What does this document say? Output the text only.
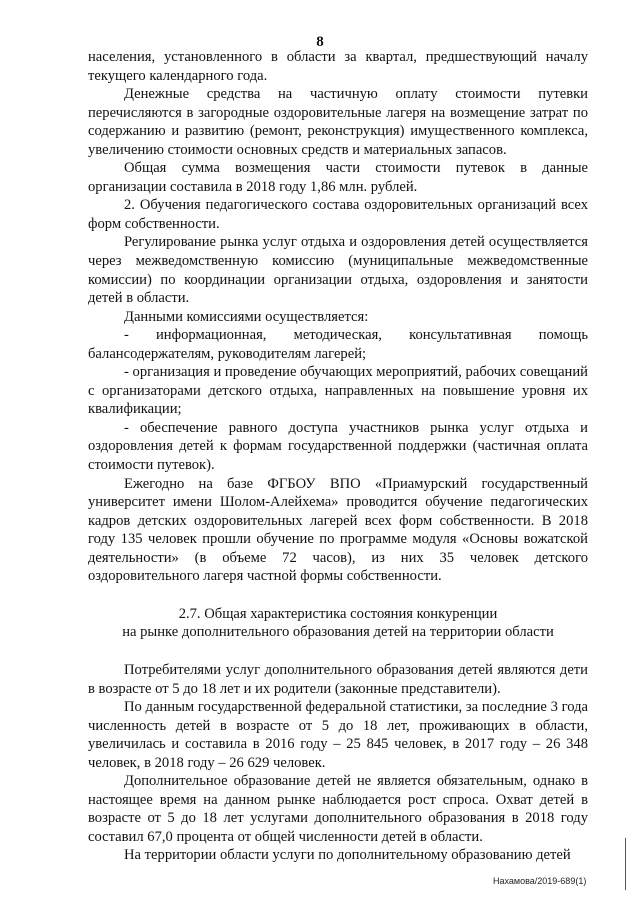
8

населения, установленного в области за квартал, предшествующий началу текущего календарного года.

Денежные средства на частичную оплату стоимости путевки перечисляются в загородные оздоровительные лагеря на возмещение затрат по содержанию и развитию (ремонт, реконструкция) имущественного комплекса, увеличению стоимости основных средств и материальных запасов.

Общая сумма возмещения части стоимости путевок в данные организации составила в 2018 году 1,86 млн. рублей.

2. Обучения педагогического состава оздоровительных организаций всех форм собственности.

Регулирование рынка услуг отдыха и оздоровления детей осуществляется через межведомственную комиссию (муниципальные межведомственные комиссии) по координации организации отдыха, оздоровления и занятости детей в области.

Данными комиссиями осуществляется:

- информационная, методическая, консультативная помощь балансодержателям, руководителям лагерей;

- организация и проведение обучающих мероприятий, рабочих совещаний с организаторами детского отдыха, направленных на повышение уровня их квалификации;

- обеспечение равного доступа участников рынка услуг отдыха и оздоровления детей к формам государственной поддержки (частичная оплата стоимости путевок).

Ежегодно на базе ФГБОУ ВПО «Приамурский государственный университет имени Шолом-Алейхема» проводится обучение педагогических кадров детских оздоровительных лагерей всех форм собственности. В 2018 году 135 человек прошли обучение по программе модуля «Основы вожатской деятельности» (в объеме 72 часов), из них 35 человек детского оздоровительного лагеря частной формы собственности.

2.7. Общая характеристика состояния конкуренции
на рынке дополнительного образования детей на территории области

Потребителями услуг дополнительного образования детей являются дети в возрасте от 5 до 18 лет и их родители (законные представители).

По данным государственной федеральной статистики, за последние 3 года численность детей в возрасте от 5 до 18 лет, проживающих в области, увеличилась и составила в 2016 году – 25 845 человек, в 2017 году – 26 348 человек, в 2018 году – 26 629 человек.

Дополнительное образование детей не является обязательным, однако в настоящее время на данном рынке наблюдается рост спроса. Охват детей в возрасте от 5 до 18 лет услугами дополнительного образования в 2018 году составил 67,0 процента от общей численности детей в области.

На территории области услуги по дополнительному образованию детей

Нахамова/2019-689(1)
